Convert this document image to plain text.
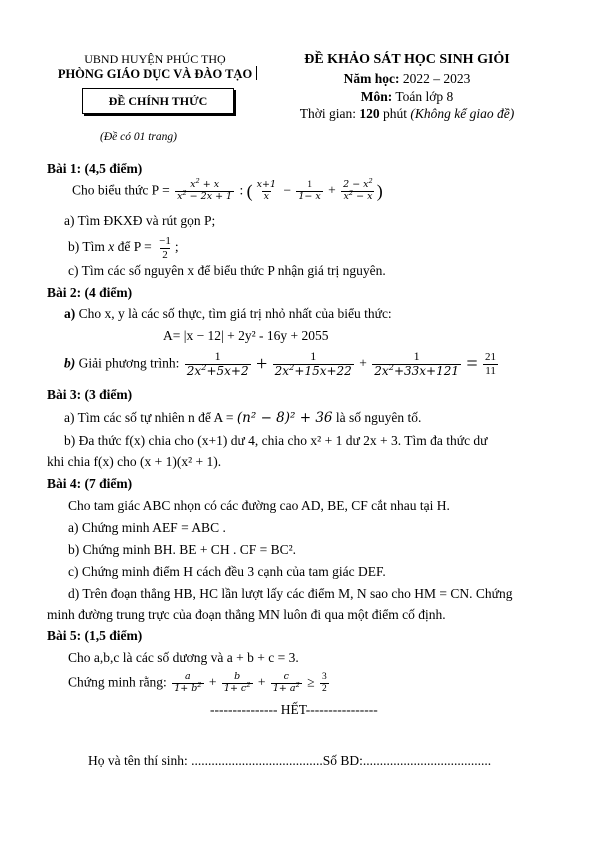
UBND HUYỆN PHÚC THỌ
PHÒNG GIÁO DỤC VÀ ĐÀO TẠO
ĐỀ CHÍNH THỨC
(Đề có 01 trang)
ĐỀ KHẢO SÁT HỌC SINH GIỎI
Năm học: 2022 – 2023
Môn: Toán lớp 8
Thời gian: 120 phút (Không kể giao đề)
Bài 1: (4,5 điểm)
Cho biểu thức $P = \frac{x^2 + x}{x^2 - 2x + 1}$ : ( $\frac{x+1}{x} - \frac{1}{1- x} + \frac{2 - x^2}{x^2 - x}$ )
a) Tìm ĐKXĐ và rút gọn P;
b) Tìm x để $P = \frac{-1}{2}$ ;
c) Tìm các số nguyên x để biểu thức P nhận giá trị nguyên.
Bài 2: (4 điểm)
a) Cho x, y là các số thực, tìm giá trị nhỏ nhất của biểu thức:
A= |x − 12| + 2y² - 16y + 2055
b) Giải phương trình: $\frac{1}{2x^2+5x+2} + \frac{1}{2x^2+15x+22} + \frac{1}{2x^2+33x+121} = \frac{21}{11}$
Bài 3: (3 điểm)
a) Tìm các số tự nhiên n để A = (n² − 8)² + 36 là số nguyên tố.
b) Đa thức f(x) chia cho (x+1) dư 4, chia cho x² + 1 dư 2x + 3. Tìm đa thức dư
khi chia f(x) cho (x + 1)(x² + 1).
Bài 4: (7 điểm)
Cho tam giác ABC nhọn có các đường cao AD, BE, CF cắt nhau tại H.
a) Chứng minh AEF = ABC .
b) Chứng minh BH. BE + CH . CF = BC².
c) Chứng minh điểm H cách đều 3 cạnh của tam giác DEF.
d) Trên đoạn thẳng HB, HC lần lượt lấy các điểm M, N sao cho HM = CN. Chứng
minh đường trung trực của đoạn thẳng MN luôn đi qua một điểm cố định.
Bài 5: (1,5 điểm)
Cho a,b,c là các số dương và a + b + c = 3.
Chứng minh rằng: $\frac{a}{1+ b^2} + \frac{b}{1+ c^2} + \frac{c}{1+ a^2} \ge \frac{3}{2}$
--------------- HẾT----------------
Họ và tên thí sinh: .......................................Số BD:......................................
